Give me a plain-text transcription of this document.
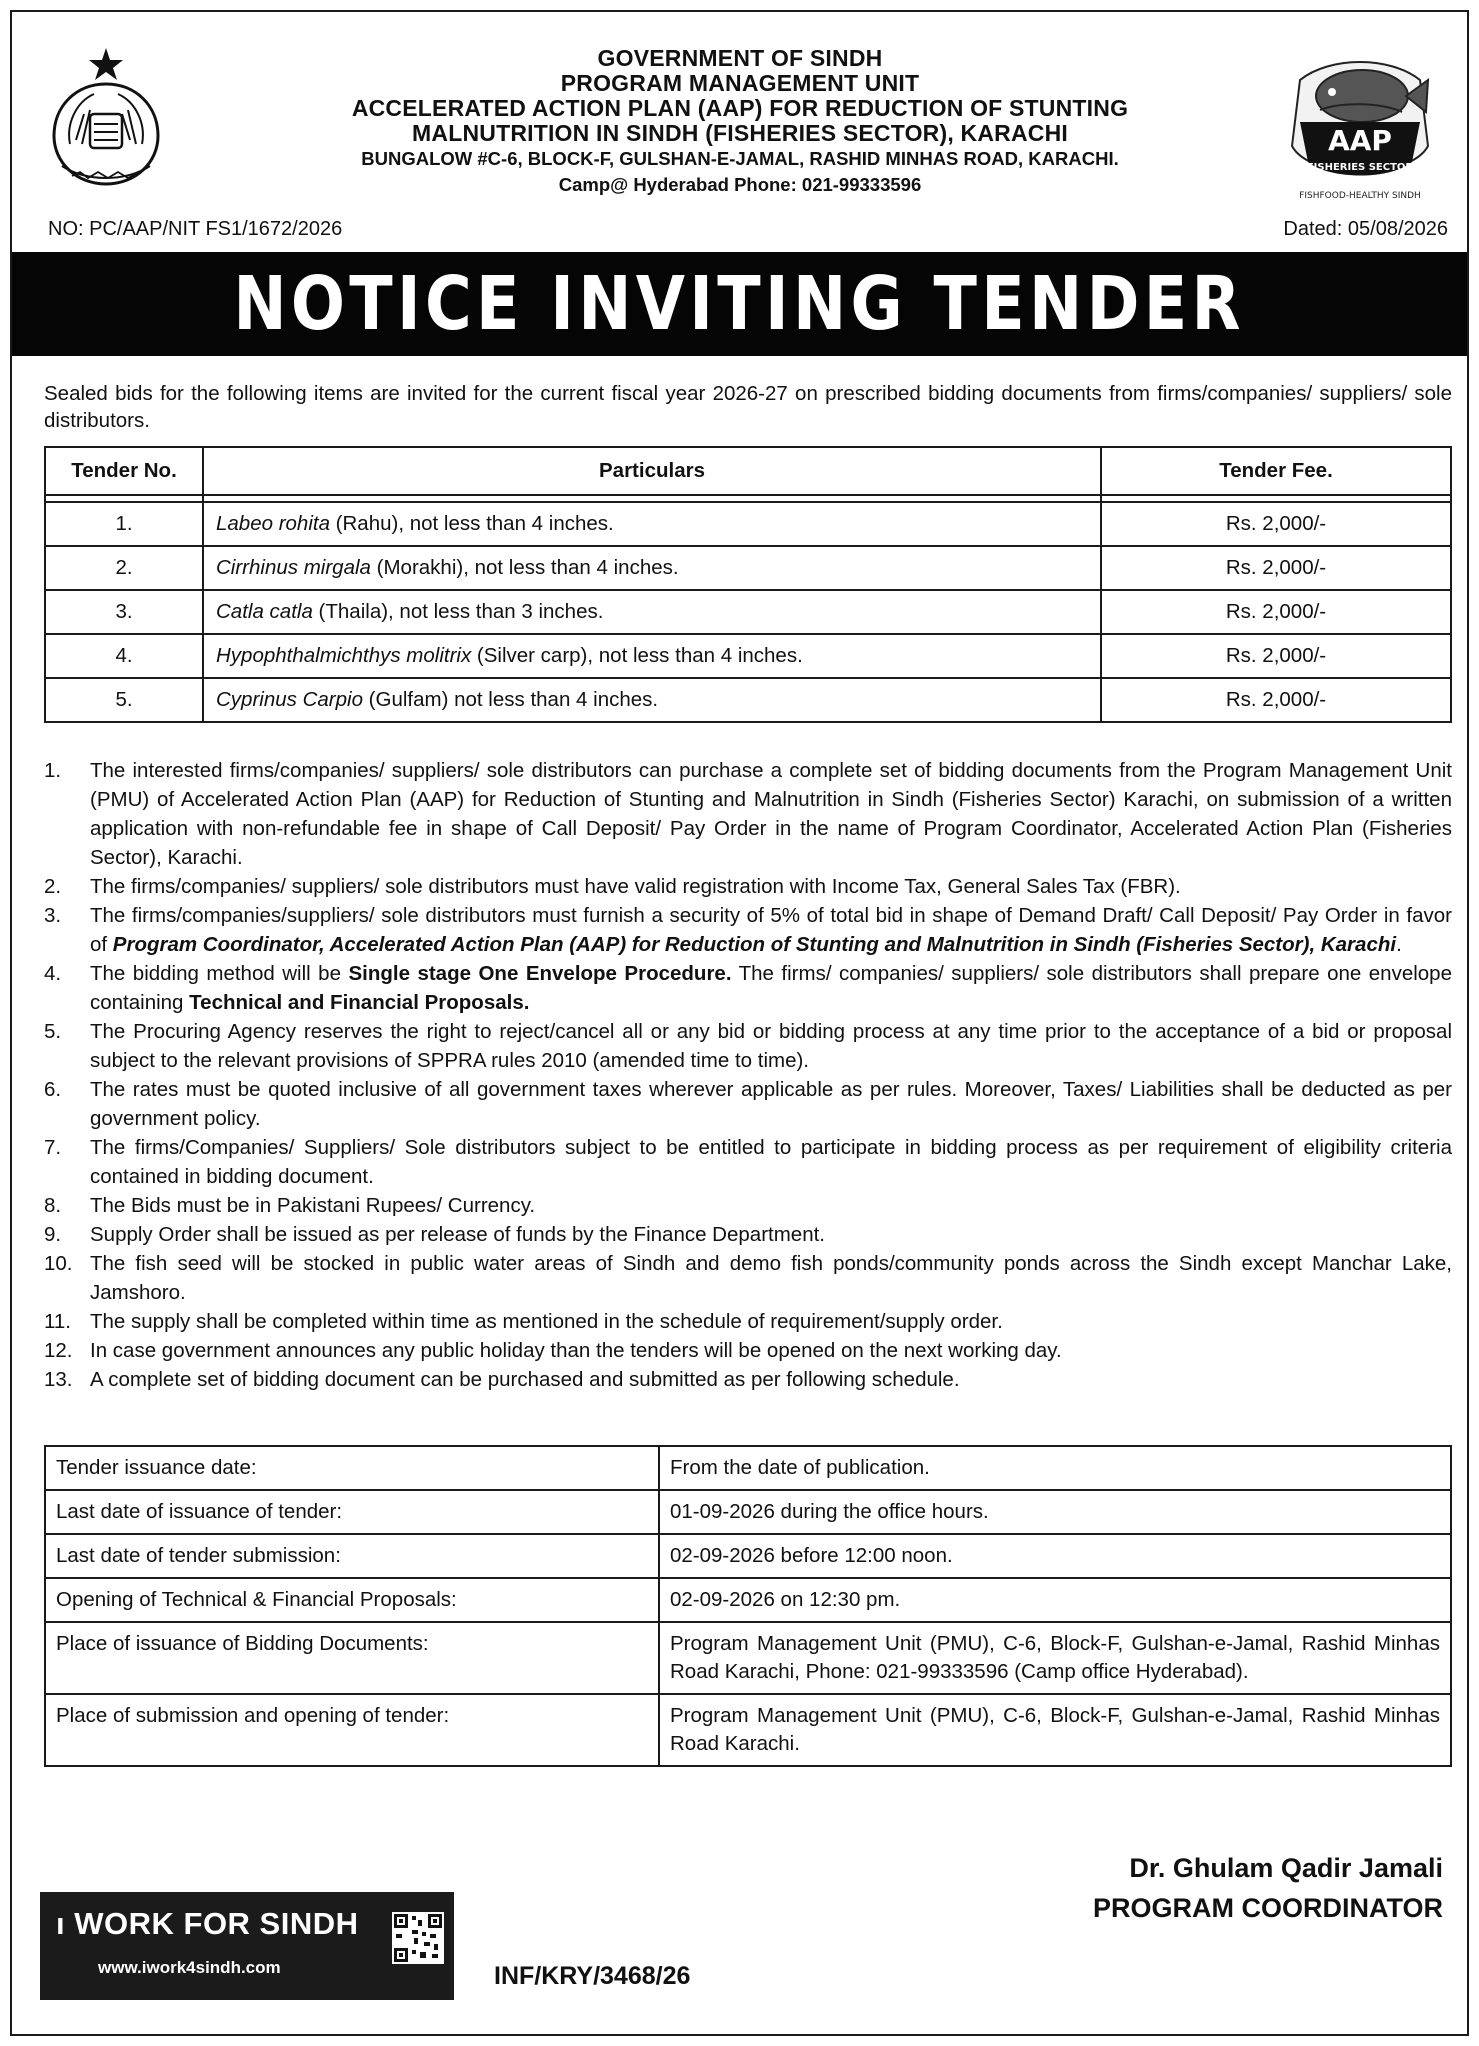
AAP
FISHERIES SECTOR
FISHFOOD-HEALTHY SINDH
GOVERNMENT OF SINDH
PROGRAM MANAGEMENT UNIT
ACCELERATED ACTION PLAN (AAP) FOR REDUCTION OF STUNTING
MALNUTRITION IN SINDH (FISHERIES SECTOR), KARACHI
BUNGALOW #C-6, BLOCK-F, GULSHAN-E-JAMAL, RASHID MINHAS ROAD, KARACHI.
Camp@ Hyderabad Phone: 021-99333596
NO: PC/AAP/NIT FS1/1672/2026	Dated: 05/08/2026
NOTICE INVITING TENDER
Sealed bids for the following items are invited for the current fiscal year 2026-27 on prescribed bidding documents from firms/companies/ suppliers/ sole distributors.
Tender No.	Particulars	Tender Fee.

1.	Labeo rohita (Rahu), not less than 4 inches.	Rs. 2,000/-
2.	Cirrhinus mirgala (Morakhi), not less than 4 inches.	Rs. 2,000/-
3.	Catla catla (Thaila), not less than 3 inches.	Rs. 2,000/-
4.	Hypophthalmichthys molitrix (Silver carp), not less than 4 inches.	Rs. 2,000/-
5.	Cyprinus Carpio (Gulfam) not less than 4 inches.	Rs. 2,000/-
1. The interested firms/companies/ suppliers/ sole distributors can purchase a complete set of bidding documents from the Program Management Unit (PMU) of Accelerated Action Plan (AAP) for Reduction of Stunting and Malnutrition in Sindh (Fisheries Sector) Karachi, on submission of a written application with non-refundable fee in shape of Call Deposit/ Pay Order in the name of Program Coordinator, Accelerated Action Plan (Fisheries Sector), Karachi.
2. The firms/companies/ suppliers/ sole distributors must have valid registration with Income Tax, General Sales Tax (FBR).
3. The firms/companies/suppliers/ sole distributors must furnish a security of 5% of total bid in shape of Demand Draft/ Call Deposit/ Pay Order in favor of Program Coordinator, Accelerated Action Plan (AAP) for Reduction of Stunting and Malnutrition in Sindh (Fisheries Sector), Karachi.
4. The bidding method will be Single stage One Envelope Procedure. The firms/ companies/ suppliers/ sole distributors shall prepare one envelope containing Technical and Financial Proposals.
5. The Procuring Agency reserves the right to reject/cancel all or any bid or bidding process at any time prior to the acceptance of a bid or proposal subject to the relevant provisions of SPPRA rules 2010 (amended time to time).
6. The rates must be quoted inclusive of all government taxes wherever applicable as per rules. Moreover, Taxes/ Liabilities shall be deducted as per government policy.
7. The firms/Companies/ Suppliers/ Sole distributors subject to be entitled to participate in bidding process as per requirement of eligibility criteria contained in bidding document.
8. The Bids must be in Pakistani Rupees/ Currency.
9. Supply Order shall be issued as per release of funds by the Finance Department.
10. The fish seed will be stocked in public water areas of Sindh and demo fish ponds/community ponds across the Sindh except Manchar Lake, Jamshoro.
11. The supply shall be completed within time as mentioned in the schedule of requirement/supply order.
12. In case government announces any public holiday than the tenders will be opened on the next working day.
13. A complete set of bidding document can be purchased and submitted as per following schedule.
Tender issuance date:	From the date of publication.
Last date of issuance of tender:	01-09-2026 during the office hours.
Last date of tender submission:	02-09-2026 before 12:00 noon.
Opening of Technical & Financial Proposals:	02-09-2026 on 12:30 pm.
Place of issuance of Bidding Documents:	Program Management Unit (PMU), C-6, Block-F, Gulshan-e-Jamal, Rashid Minhas Road Karachi, Phone: 021-99333596 (Camp office Hyderabad).
Place of submission and opening of tender:	Program Management Unit (PMU), C-6, Block-F, Gulshan-e-Jamal, Rashid Minhas Road Karachi.
Dr. Ghulam Qadir Jamali
PROGRAM COORDINATOR
ı WORK FOR SINDH
www.iwork4sindh.com	INF/KRY/3468/26
